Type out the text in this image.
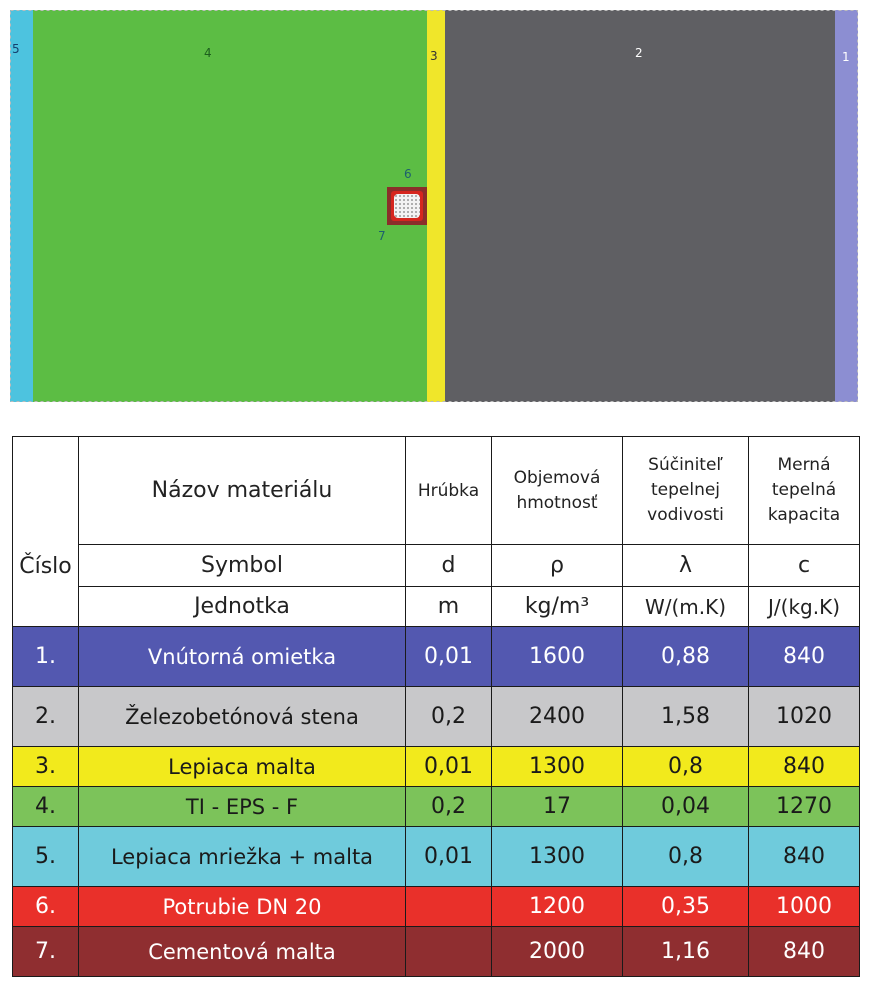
5	4	3	2	1
6
7
Číslo	Názov materiálu	Hrúbka	Objemová hmotnosť	Súčiniteľ tepelnej vodivosti	Merná tepelná kapacita
	Symbol	d	ρ	λ	c
	Jednotka	m	kg/m³	W/(m.K)	J/(kg.K)
1.	Vnútorná omietka	0,01	1600	0,88	840
2.	Železobetónová stena	0,2	2400	1,58	1020
3.	Lepiaca malta	0,01	1300	0,8	840
4.	TI - EPS - F	0,2	17	0,04	1270
5.	Lepiaca mriežka + malta	0,01	1300	0,8	840
6.	Potrubie DN 20		1200	0,35	1000
7.	Cementová malta		2000	1,16	840
